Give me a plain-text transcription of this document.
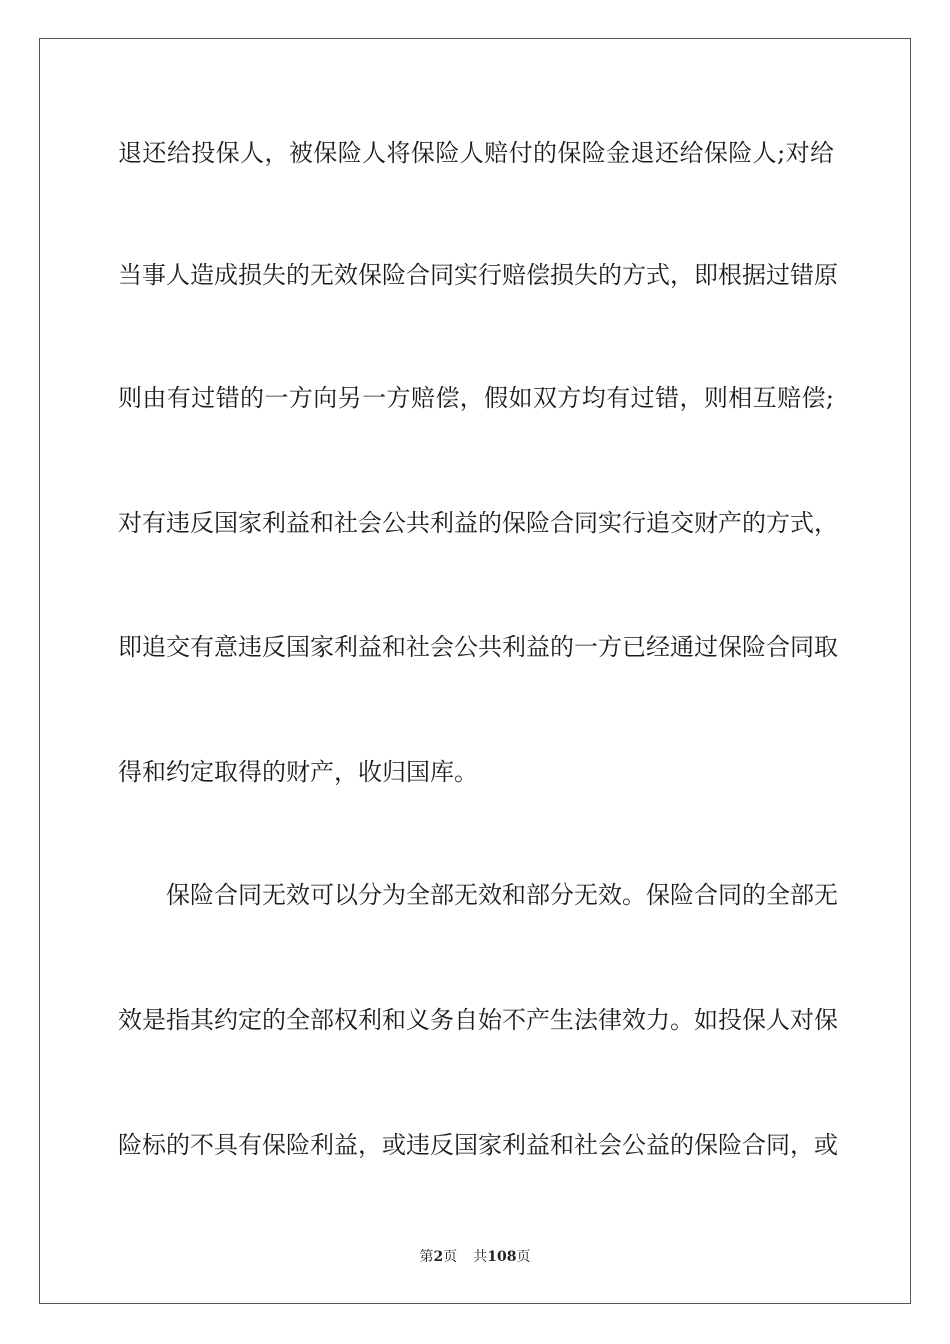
退还给投保人，被保险人将保险人赔付的保险金退还给保险人;对给
当事人造成损失的无效保险合同实行赔偿损失的方式，即根据过错原
则由有过错的一方向另一方赔偿，假如双方均有过错，则相互赔偿;
对有违反国家利益和社会公共利益的保险合同实行追交财产的方式，
即追交有意违反国家利益和社会公共利益的一方已经通过保险合同取
得和约定取得的财产，收归国库。
保险合同无效可以分为全部无效和部分无效。保险合同的全部无
效是指其约定的全部权利和义务自始不产生法律效力。如投保人对保
险标的不具有保险利益，或违反国家利益和社会公益的保险合同，或
第2页 共108页
